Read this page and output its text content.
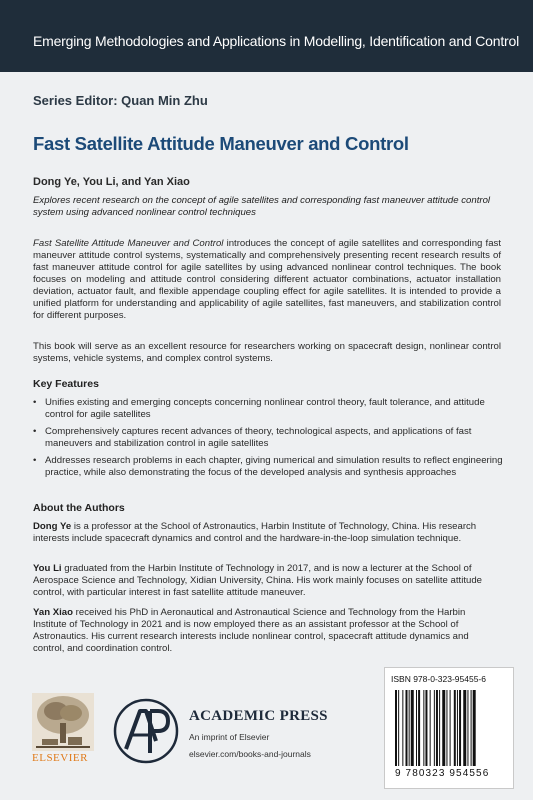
Emerging Methodologies and Applications in Modelling, Identification and Control
Series Editor: Quan Min Zhu
Fast Satellite Attitude Maneuver and Control
Dong Ye, You Li, and Yan Xiao
Explores recent research on the concept of agile satellites and corresponding fast maneuver attitude control system using advanced nonlinear control techniques
Fast Satellite Attitude Maneuver and Control introduces the concept of agile satellites and corresponding fast maneuver attitude control systems, systematically and comprehensively presenting recent research results of fast maneuver attitude control for agile satellites by using advanced nonlinear control techniques. The book focuses on modeling and attitude control considering different actuator combinations, actuator installation deviation, actuator fault, and flexible appendage coupling effect for agile satellites. It is intended to provide a unified platform for understanding and applicability of agile satellites, fast maneuvers, and stabilization control for different purposes.
This book will serve as an excellent resource for researchers working on spacecraft design, nonlinear control systems, vehicle systems, and complex control systems.
Key Features
• Unifies existing and emerging concepts concerning nonlinear control theory, fault tolerance, and attitude control for agile satellites
• Comprehensively captures recent advances of theory, technological aspects, and applications of fast maneuvers and stabilization control in agile satellites
• Addresses research problems in each chapter, giving numerical and simulation results to reflect engineering practice, while also demonstrating the focus of the developed analysis and synthesis approaches
About the Authors
Dong Ye is a professor at the School of Astronautics, Harbin Institute of Technology, China. His research interests include spacecraft dynamics and control and the hardware-in-the-loop simulation technique.
You Li graduated from the Harbin Institute of Technology in 2017, and is now a lecturer at the School of Aerospace Science and Technology, Xidian University, China. His work mainly focuses on satellite attitude control, with particular interest in fast satellite attitude maneuver.
Yan Xiao received his PhD in Aeronautical and Astronautical Science and Technology from the Harbin Institute of Technology in 2021 and is now employed there as an assistant professor at the School of Astronautics. His current research interests include nonlinear control, spacecraft attitude dynamics and control, and coordination control.
ELSEVIER
ACADEMIC PRESS
An imprint of Elsevier
elsevier.com/books-and-journals
ISBN 978-0-323-95455-6
9 780323 954556
